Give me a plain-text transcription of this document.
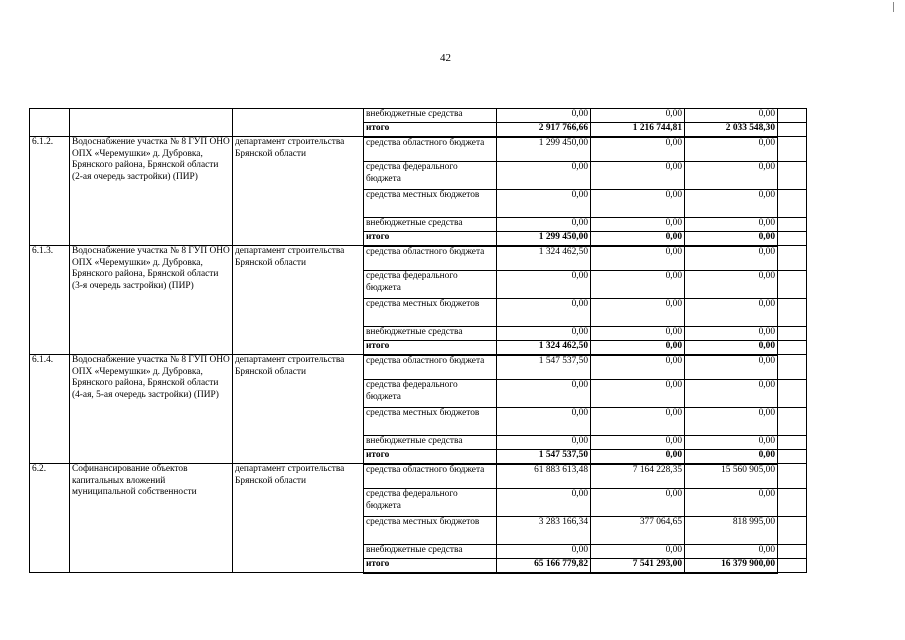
42
			внебюджетные средства	0,00	0,00	0,00	
			итого	2 917 766,66	1 216 744,81	2 033 548,30	
6.1.2.	Водоснабжение участка № 8 ГУП ОНО ОПХ «Черемушки» д. Дубровка, Брянского района, Брянской области (2-ая очередь застройки) (ПИР)	департамент строительства Брянской области	средства областного бюджета	1 299 450,00	0,00	0,00	
			средства федерального бюджета	0,00	0,00	0,00	
			средства местных бюджетов	0,00	0,00	0,00	
			внебюджетные средства	0,00	0,00	0,00	
			итого	1 299 450,00	0,00	0,00	
6.1.3.	Водоснабжение участка № 8 ГУП ОНО ОПХ «Черемушки» д. Дубровка, Брянского района, Брянской области (3-я очередь застройки) (ПИР)	департамент строительства Брянской области	средства областного бюджета	1 324 462,50	0,00	0,00	
			средства федерального бюджета	0,00	0,00	0,00	
			средства местных бюджетов	0,00	0,00	0,00	
			внебюджетные средства	0,00	0,00	0,00	
			итого	1 324 462,50	0,00	0,00	
6.1.4.	Водоснабжение участка № 8 ГУП ОНО ОПХ «Черемушки» д. Дубровка, Брянского района, Брянской области (4-ая, 5-ая очередь застройки) (ПИР)	департамент строительства Брянской области	средства областного бюджета	1 547 537,50	0,00	0,00	
			средства федерального бюджета	0,00	0,00	0,00	
			средства местных бюджетов	0,00	0,00	0,00	
			внебюджетные средства	0,00	0,00	0,00	
			итого	1 547 537,50	0,00	0,00	
6.2.	Софинансирование объектов капитальных вложений муниципальной собственности	департамент строительства Брянской области	средства областного бюджета	61 883 613,48	7 164 228,35	15 560 905,00	
			средства федерального бюджета	0,00	0,00	0,00	
			средства местных бюджетов	3 283 166,34	377 064,65	818 995,00	
			внебюджетные средства	0,00	0,00	0,00	
			итого	65 166 779,82	7 541 293,00	16 379 900,00	
